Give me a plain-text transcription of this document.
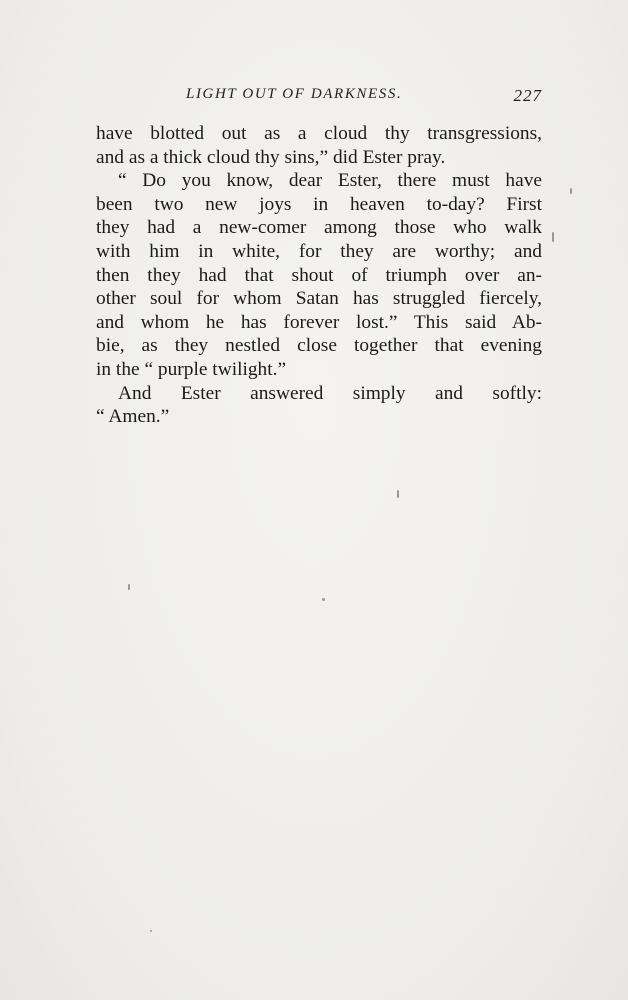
LIGHT OUT OF DARKNESS.	227
have blotted out as a cloud thy transgressions,
and as a thick cloud thy sins,” did Ester pray.
“ Do you know, dear Ester, there must have
been two new joys in heaven to-day? First
they had a new-comer among those who walk
with him in white, for they are worthy; and
then they had that shout of triumph over an-
other soul for whom Satan has struggled fiercely,
and whom he has forever lost.” This said Ab-
bie, as they nestled close together that evening
in the “ purple twilight.”
And Ester answered simply and softly:
“ Amen.”
